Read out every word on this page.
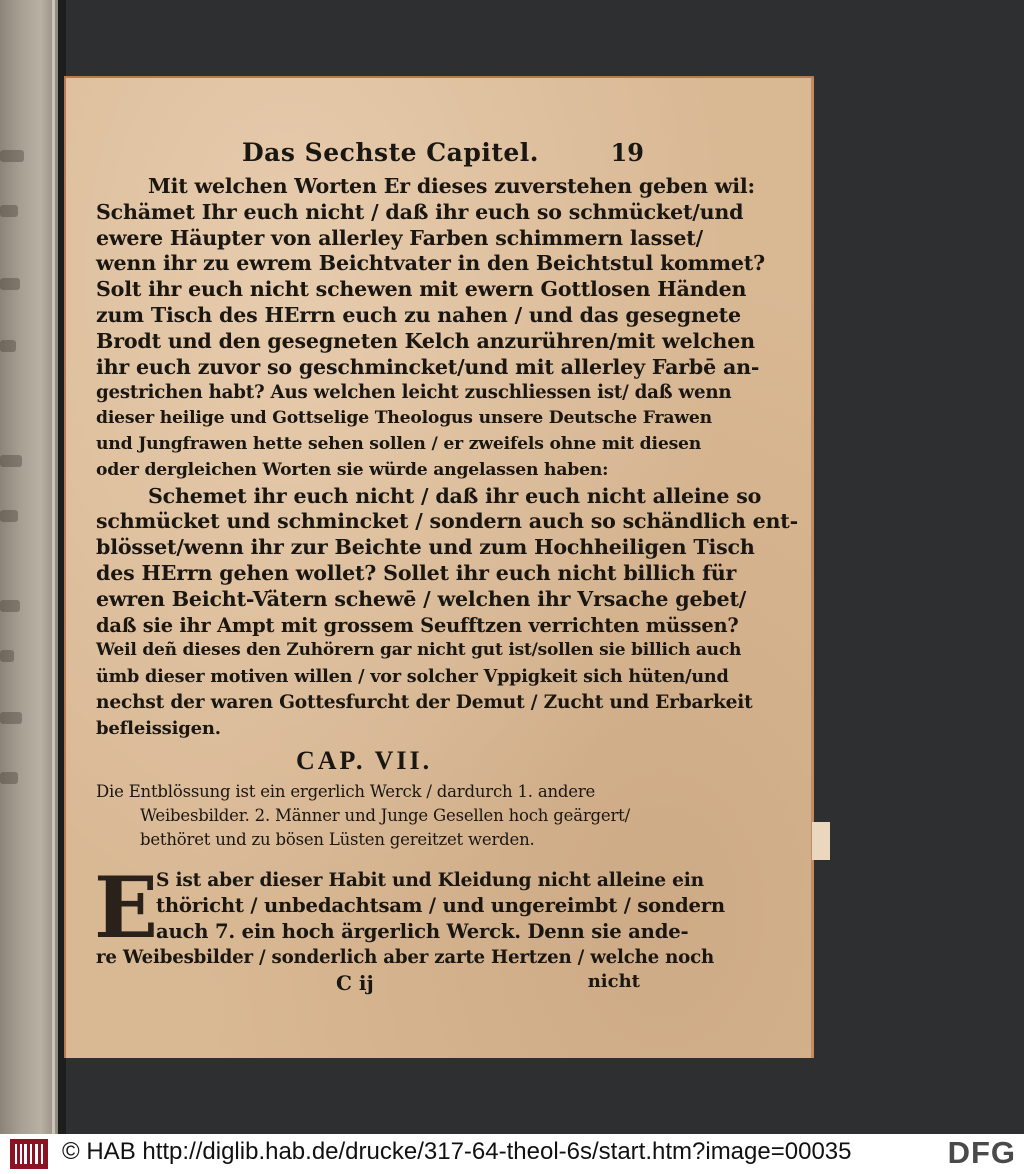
Das Sechste Capitel.	19
Mit welchen Worten Er dieses zuverstehen geben wil:
Schämet Ihr euch nicht / daß ihr euch so schmücket/und
ewere Häupter von allerley Farben schimmern lasset/
wenn ihr zu ewrem Beichtvater in den Beichtstul kommet?
Solt ihr euch nicht schewen mit ewern Gottlosen Händen
zum Tisch des HErrn euch zu nahen / und das gesegnete
Brodt und den gesegneten Kelch anzurühren/mit welchen
ihr euch zuvor so geschmincket/und mit allerley Farbē an-
gestrichen habt? Aus welchen leicht zuschliessen ist/ daß wenn
dieser heilige und Gottselige Theologus unsere Deutsche Frawen
und Jungfrawen hette sehen sollen / er zweifels ohne mit diesen
oder dergleichen Worten sie würde angelassen haben:
Schemet ihr euch nicht / daß ihr euch nicht alleine so
schmücket und schmincket / sondern auch so schändlich ent-
blösset/wenn ihr zur Beichte und zum Hochheiligen Tisch
des HErrn gehen wollet? Sollet ihr euch nicht billich für
ewren Beicht-Vätern schewē / welchen ihr Vrsache gebet/
daß sie ihr Ampt mit grossem Seufftzen verrichten müssen?
Weil deñ dieses den Zuhörern gar nicht gut ist/sollen sie billich auch
ümb dieser motiven willen / vor solcher Vppigkeit sich hüten/und
nechst der waren Gottesfurcht der Demut / Zucht und Erbarkeit
befleissigen.
CAP. VII.
Die Entblössung ist ein ergerlich Werck / dardurch 1. andere
Weibesbilder. 2. Männer und Junge Gesellen hoch geärgert/
bethöret und zu bösen Lüsten gereitzet werden.
E
S ist aber dieser Habit und Kleidung nicht alleine ein
thöricht / unbedachtsam / und ungereimbt / sondern
auch 7. ein hoch ärgerlich Werck. Denn sie ande-
re Weibesbilder / sonderlich aber zarte Hertzen / welche noch
C ij	nicht
© HAB http://diglib.hab.de/drucke/317-64-theol-6s/start.htm?image=00035	DFG
